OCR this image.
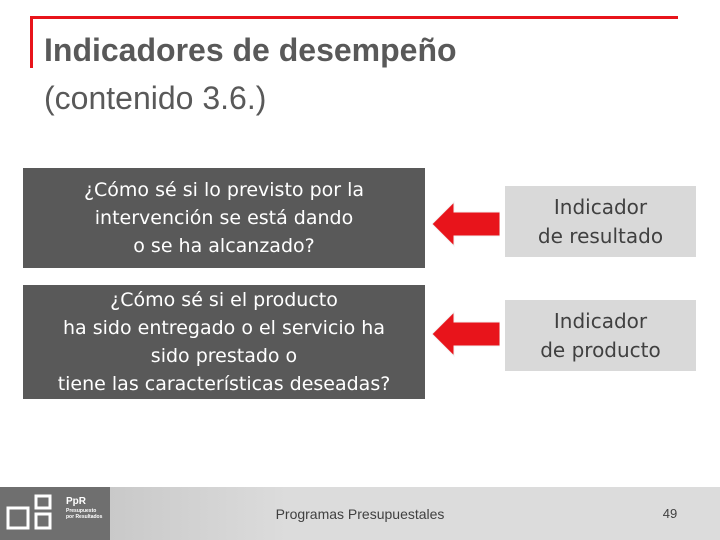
Indicadores de desempeño
(contenido 3.6.)
¿Cómo sé si lo previsto por la
intervención se está dando
o se ha alcanzado?
Indicador
de resultado
¿Cómo sé si el producto
ha sido entregado o el servicio ha
sido prestado o
tiene las características deseadas?
Indicador
de producto
PpR
Presupuesto
por Resultados	Programas Presupuestales	49
